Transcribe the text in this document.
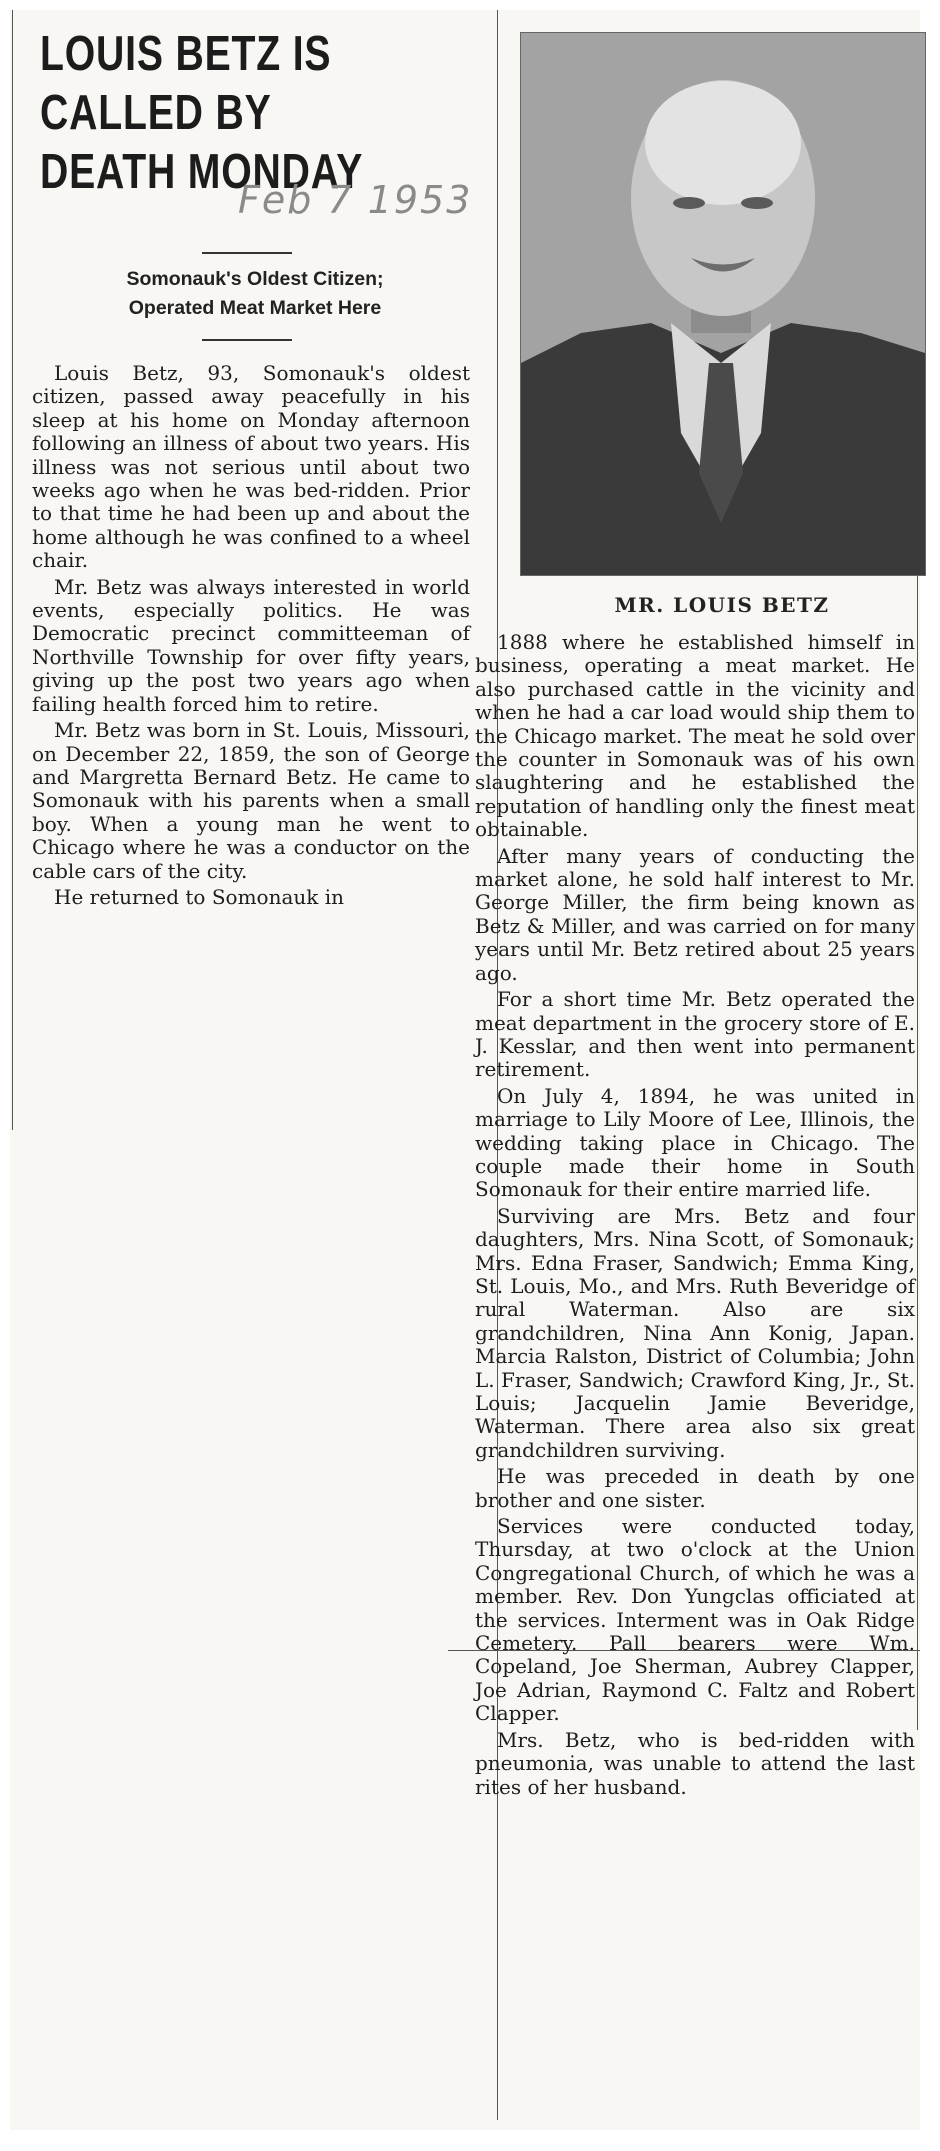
LOUIS BETZ IS CALLED BY DEATH MONDAY
Feb 7 1953
Somonauk's Oldest Citizen;
Operated Meat Market Here

Louis Betz, 93, Somonauk's oldest citizen, passed away peacefully in his sleep at his home on Monday afternoon following an illness of about two years. His illness was not serious until about two weeks ago when he was bed-ridden. Prior to that time he had been up and about the home although he was confined to a wheel chair.

Mr. Betz was always interested in world events, especially politics. He was Democratic precinct committeeman of Northville Township for over fifty years, giving up the post two years ago when failing health forced him to retire.

Mr. Betz was born in St. Louis, Missouri, on December 22, 1859, the son of George and Margretta Bernard Betz. He came to Somonauk with his parents when a small boy. When a young man he went to Chicago where he was a conductor on the cable cars of the city.

He returned to Somonauk in

MR. LOUIS BETZ

1888 where he established himself in business, operating a meat market. He also purchased cattle in the vicinity and when he had a car load would ship them to the Chicago market. The meat he sold over the counter in Somonauk was of his own slaughtering and he established the reputation of handling only the finest meat obtainable.

After many years of conducting the market alone, he sold half interest to Mr. George Miller, the firm being known as Betz & Miller, and was carried on for many years until Mr. Betz retired about 25 years ago.

For a short time Mr. Betz operated the meat department in the grocery store of E. J. Kesslar, and then went into permanent retirement.

On July 4, 1894, he was united in marriage to Lily Moore of Lee, Illinois, the wedding taking place in Chicago. The couple made their home in South Somonauk for their entire married life.

Surviving are Mrs. Betz and four daughters, Mrs. Nina Scott, of Somonauk; Mrs. Edna Fraser, Sandwich; Emma King, St. Louis, Mo., and Mrs. Ruth Beveridge of rural Waterman. Also are six grandchildren, Nina Ann Konig, Japan. Marcia Ralston, District of Columbia; John L. Fraser, Sandwich; Crawford King, Jr., St. Louis; Jacquelin Jamie Beveridge, Waterman. There area also six great grandchildren surviving.

He was preceded in death by one brother and one sister.

Services were conducted today, Thursday, at two o'clock at the Union Congregational Church, of which he was a member. Rev. Don Yungclas officiated at the services. Interment was in Oak Ridge Cemetery. Pall bearers were Wm. Copeland, Joe Sherman, Aubrey Clapper, Joe Adrian, Raymond C. Faltz and Robert Clapper.

Mrs. Betz, who is bed-ridden with pneumonia, was unable to attend the last rites of her husband.
